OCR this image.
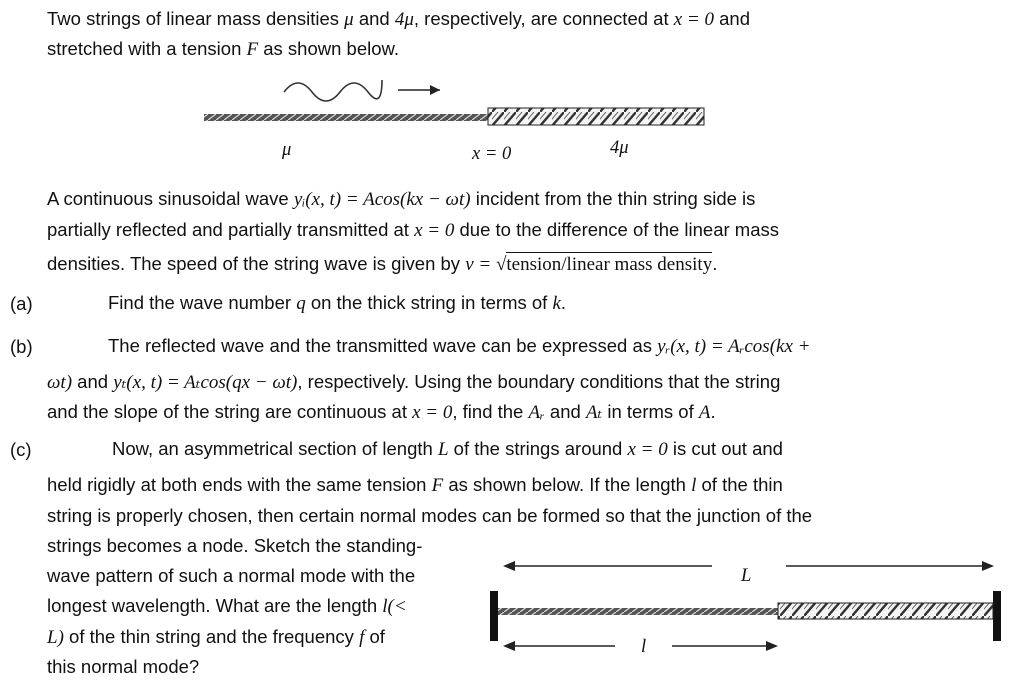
Two strings of linear mass densities μ and 4μ, respectively, are connected at x = 0 and
stretched with a tension F as shown below.
μ	x = 0	4μ
A continuous sinusoidal wave yᵢ(x, t) = Acos(kx − ωt) incident from the thin string side is
partially reflected and partially transmitted at x = 0 due to the difference of the linear mass
densities. The speed of the string wave is given by v = √tension/linear mass density.
(a)	Find the wave number q on the thick string in terms of k.
(b)	The reflected wave and the transmitted wave can be expressed as yᵣ(x, t) = Aᵣcos(kx +
ωt) and yₜ(x, t) = Aₜcos(qx − ωt), respectively. Using the boundary conditions that the string
and the slope of the string are continuous at x = 0, find the Aᵣ and Aₜ in terms of A.
(c)	Now, an asymmetrical section of length L of the strings around x = 0 is cut out and
held rigidly at both ends with the same tension F as shown below. If the length l of the thin
string is properly chosen, then certain normal modes can be formed so that the junction of the
strings becomes a node. Sketch the standing-
wave pattern of such a normal mode with the
longest wavelength. What are the length l(<
L) of the thin string and the frequency f of
this normal mode?
L
l
